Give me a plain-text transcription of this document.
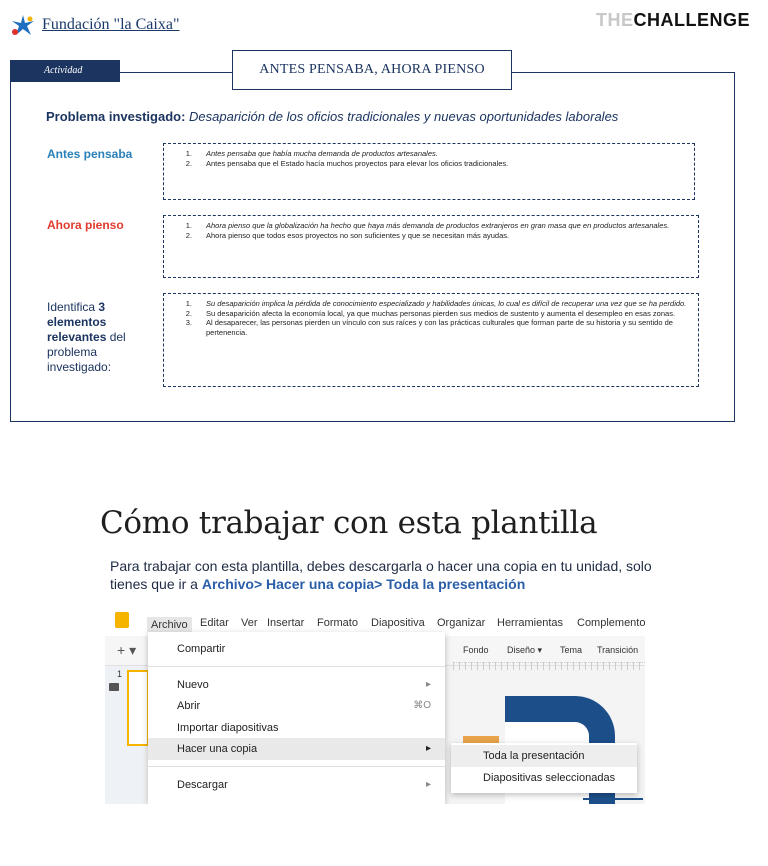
Fundación "la Caixa"	THECHALLENGE
Actividad	ANTES PENSABA, AHORA PIENSO
Problema investigado: Desaparición de los oficios tradicionales y nuevas oportunidades laborales
Antes pensaba	1. Antes pensaba que había mucha demanda de productos artesanales.
2. Antes pensaba que el Estado hacía muchos proyectos para elevar los oficios tradicionales.
Ahora pienso	1. Ahora pienso que la globalización ha hecho que haya más demanda de productos extranjeros en gran masa que en productos artesanales.
2. Ahora pienso que todos esos proyectos no son suficientes y que se necesitan más ayudas.
Identifica 3 elementos relevantes del problema investigado:
1. Su desaparición implica la pérdida de conocimiento especializado y habilidades únicas, lo cual es difícil de recuperar una vez que se ha perdido.
2. Su desaparición afecta la economía local, ya que muchas personas pierden sus medios de sustento y aumenta el desempleo en esas zonas.
3. Al desaparecer, las personas pierden un vínculo con sus raíces y con las prácticas culturales que forman parte de su historia y su sentido de pertenencia.
Cómo trabajar con esta plantilla
Para trabajar con esta plantilla, debes descargarla o hacer una copia en tu unidad, solo tienes que ir a Archivo> Hacer una copia> Toda la presentación
Archivo	Editar Ver Insertar Formato Diapositiva Organizar Herramientas Complemento
+ ▾	Fondo Diseño ▾ Tema Transición
1
Compartir
Nuevo	▸
Abrir	⌘O
Importar diapositivas
Hacer una copia	▸
Descargar	▸
Toda la presentación
Diapositivas seleccionadas
